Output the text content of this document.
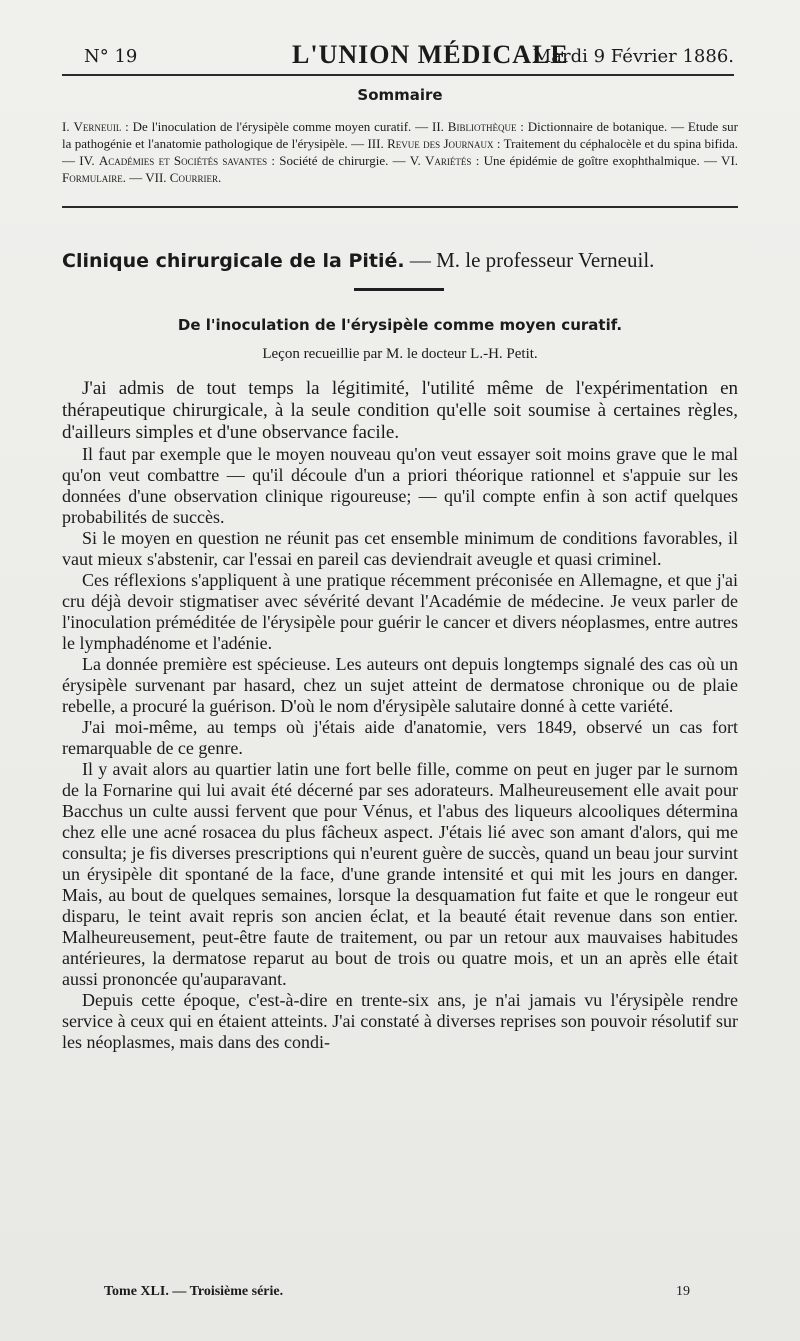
N° 19	L'UNION MÉDICALE
Mardi 9 Février 1886.
Sommaire
I. Verneuil : De l'inoculation de l'érysipèle comme moyen curatif. — II. Bibliothèque : Dictionnaire de botanique. — Etude sur la pathogénie et l'anatomie pathologique de l'érysipèle. — III. Revue des Journaux : Traitement du céphalocèle et du spina bifida. — IV. Académies et Sociétés savantes : Société de chirurgie. — V. Variétés : Une épidémie de goître exophthalmique. — VI. Formulaire. — VII. Courrier.
Clinique chirurgicale de la Pitié. — M. le professeur Verneuil.
De l'inoculation de l'érysipèle comme moyen curatif.
Leçon recueillie par M. le docteur L.-H. Petit.

J'ai admis de tout temps la légitimité, l'utilité même de l'expérimentation en thérapeutique chirurgicale, à la seule condition qu'elle soit soumise à certaines règles, d'ailleurs simples et d'une observance facile.

Il faut par exemple que le moyen nouveau qu'on veut essayer soit moins grave que le mal qu'on veut combattre — qu'il découle d'un a priori théorique rationnel et s'appuie sur les données d'une observation clinique rigoureuse; — qu'il compte enfin à son actif quelques probabilités de succès.

Si le moyen en question ne réunit pas cet ensemble minimum de conditions favorables, il vaut mieux s'abstenir, car l'essai en pareil cas deviendrait aveugle et quasi criminel.

Ces réflexions s'appliquent à une pratique récemment préconisée en Allemagne, et que j'ai cru déjà devoir stigmatiser avec sévérité devant l'Académie de médecine. Je veux parler de l'inoculation préméditée de l'érysipèle pour guérir le cancer et divers néoplasmes, entre autres le lymphadénome et l'adénie.

La donnée première est spécieuse. Les auteurs ont depuis longtemps signalé des cas où un érysipèle survenant par hasard, chez un sujet atteint de dermatose chronique ou de plaie rebelle, a procuré la guérison. D'où le nom d'érysipèle salutaire donné à cette variété.

J'ai moi-même, au temps où j'étais aide d'anatomie, vers 1849, observé un cas fort remarquable de ce genre.

Il y avait alors au quartier latin une fort belle fille, comme on peut en juger par le surnom de la Fornarine qui lui avait été décerné par ses adorateurs. Malheureusement elle avait pour Bacchus un culte aussi fervent que pour Vénus, et l'abus des liqueurs alcooliques détermina chez elle une acné rosacea du plus fâcheux aspect. J'étais lié avec son amant d'alors, qui me consulta; je fis diverses prescriptions qui n'eurent guère de succès, quand un beau jour survint un érysipèle dit spontané de la face, d'une grande intensité et qui mit les jours en danger. Mais, au bout de quelques semaines, lorsque la desquamation fut faite et que le rongeur eut disparu, le teint avait repris son ancien éclat, et la beauté était revenue dans son entier. Malheureusement, peut-être faute de traitement, ou par un retour aux mauvaises habitudes antérieures, la dermatose reparut au bout de trois ou quatre mois, et un an après elle était aussi prononcée qu'auparavant.

Depuis cette époque, c'est-à-dire en trente-six ans, je n'ai jamais vu l'érysipèle rendre service à ceux qui en étaient atteints. J'ai constaté à diverses reprises son pouvoir résolutif sur les néoplasmes, mais dans des condi-

Tome XLI. — Troisième série.	19
